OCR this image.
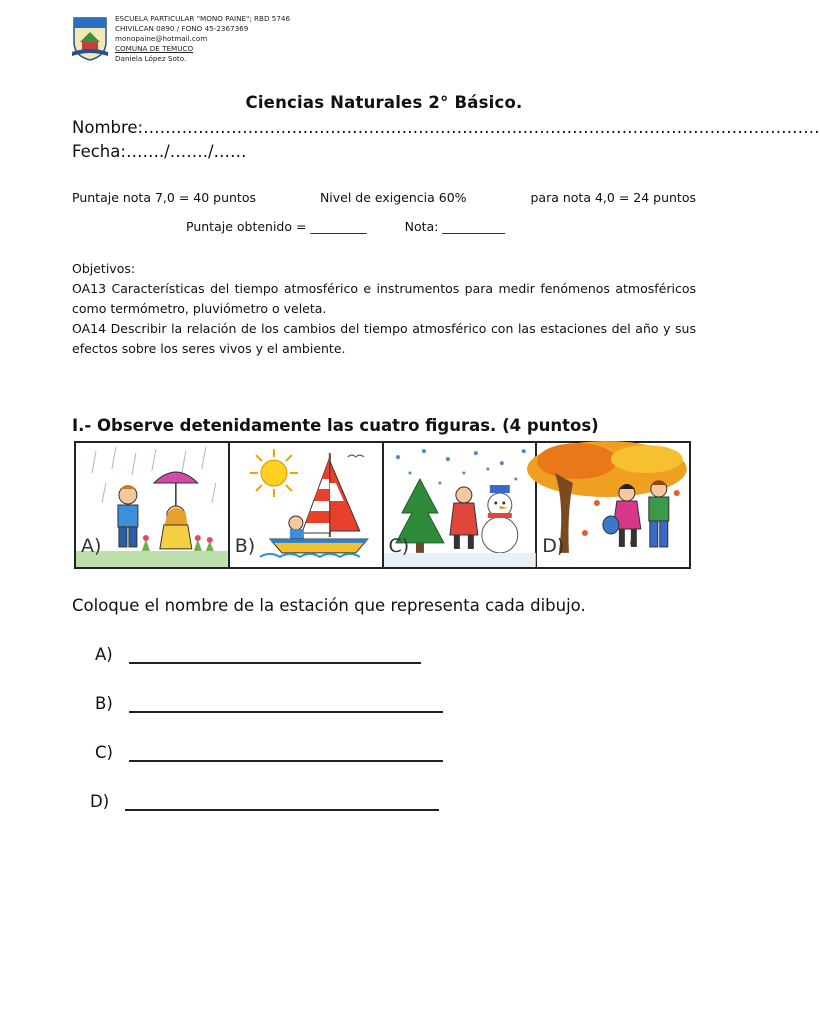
ESCUELA PARTICULAR "MONO PAINE"; RBD 5746
CHIVILCAN 0890 / FONO 45-2367369
monopaine@hotmail.com
COMUNA DE TEMUCO
Daniela López Soto.
Ciencias Naturales 2° Básico.
Nombre:……………………………………………………………………………………………………………
Fecha:……./……./……
Puntaje nota 7,0 = 40 puntos	Nivel de exigencia 60%	para nota 4,0 = 24 puntos
Puntaje obtenido = _________	Nota: __________

Objetivos:

OA13 Características del tiempo atmosférico e instrumentos para medir fenómenos atmosféricos como termómetro, pluviómetro o veleta.

OA14 Describir la relación de los cambios del tiempo atmosférico con las estaciones del año y sus efectos sobre los seres vivos y el ambiente.

I.- Observe detenidamente las cuatro figuras. (4 puntos)
A)	B)	C)	D)
Coloque el nombre de la estación que representa cada dibujo.
A)
B)
C)
D)
